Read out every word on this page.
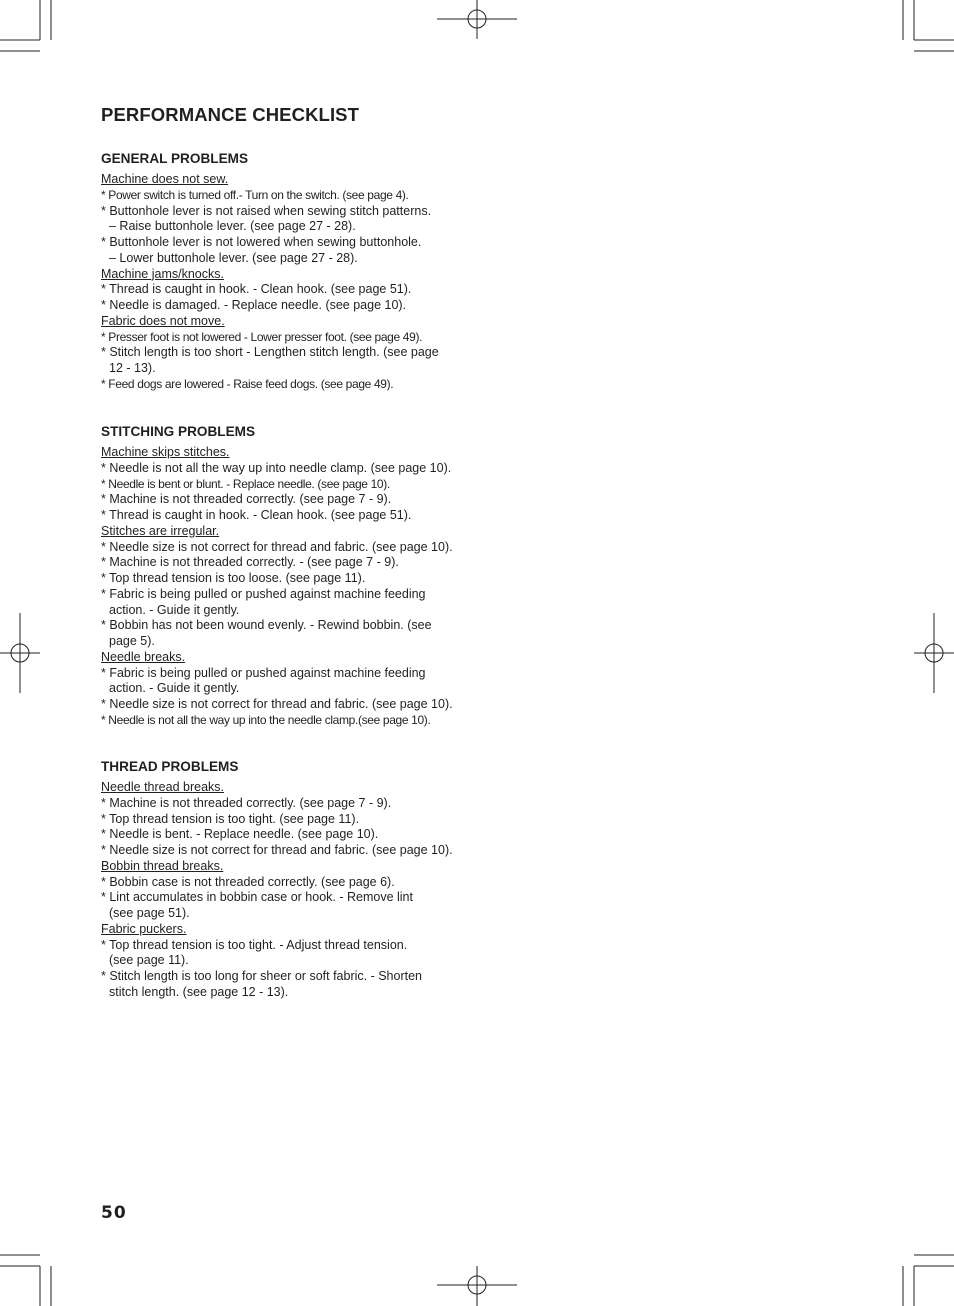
PERFORMANCE CHECKLIST
GENERAL PROBLEMS
Machine does not sew.
* Power switch is turned off.- Turn on the switch. (see page 4).
* Buttonhole lever is not raised when sewing stitch patterns.
– Raise buttonhole lever. (see page 27 - 28).
* Buttonhole lever is not lowered when sewing buttonhole.
– Lower buttonhole lever. (see page 27 - 28).
Machine jams/knocks.
* Thread is caught in hook. - Clean hook. (see page 51).
* Needle is damaged. - Replace needle. (see page 10).
Fabric does not move.
* Presser foot is not lowered - Lower presser foot. (see page 49).
* Stitch length is too short - Lengthen stitch length. (see page
12 - 13).
* Feed dogs are lowered - Raise feed dogs. (see page 49).
STITCHING PROBLEMS
Machine skips stitches.
* Needle is not all the way up into needle clamp. (see page 10).
* Needle is bent or blunt. - Replace needle. (see page 10).
* Machine is not threaded correctly. (see page 7 - 9).
* Thread is caught in hook. - Clean hook. (see page 51).
Stitches are irregular.
* Needle size is not correct for thread and fabric. (see page 10).
* Machine is not threaded correctly. - (see page 7 - 9).
* Top thread tension is too loose. (see page 11).
* Fabric is being pulled or pushed against machine feeding
action. - Guide it gently.
* Bobbin has not been wound evenly. - Rewind bobbin. (see
page 5).
Needle breaks.
* Fabric is being pulled or pushed against machine feeding
action. - Guide it gently.
* Needle size is not correct for thread and fabric. (see page 10).
* Needle is not all the way up into the needle clamp.(see page 10).
THREAD PROBLEMS
Needle thread breaks.
* Machine is not threaded correctly. (see page 7 - 9).
* Top thread tension is too tight. (see page 11).
* Needle is bent. - Replace needle. (see page 10).
* Needle size is not correct for thread and fabric. (see page 10).
Bobbin thread breaks.
* Bobbin case is not threaded correctly. (see page 6).
* Lint accumulates in bobbin case or hook. - Remove lint
(see page 51).
Fabric puckers.
* Top thread tension is too tight. - Adjust thread tension.
(see page 11).
* Stitch length is too long for sheer or soft fabric. - Shorten
stitch length. (see page 12 - 13).
50
